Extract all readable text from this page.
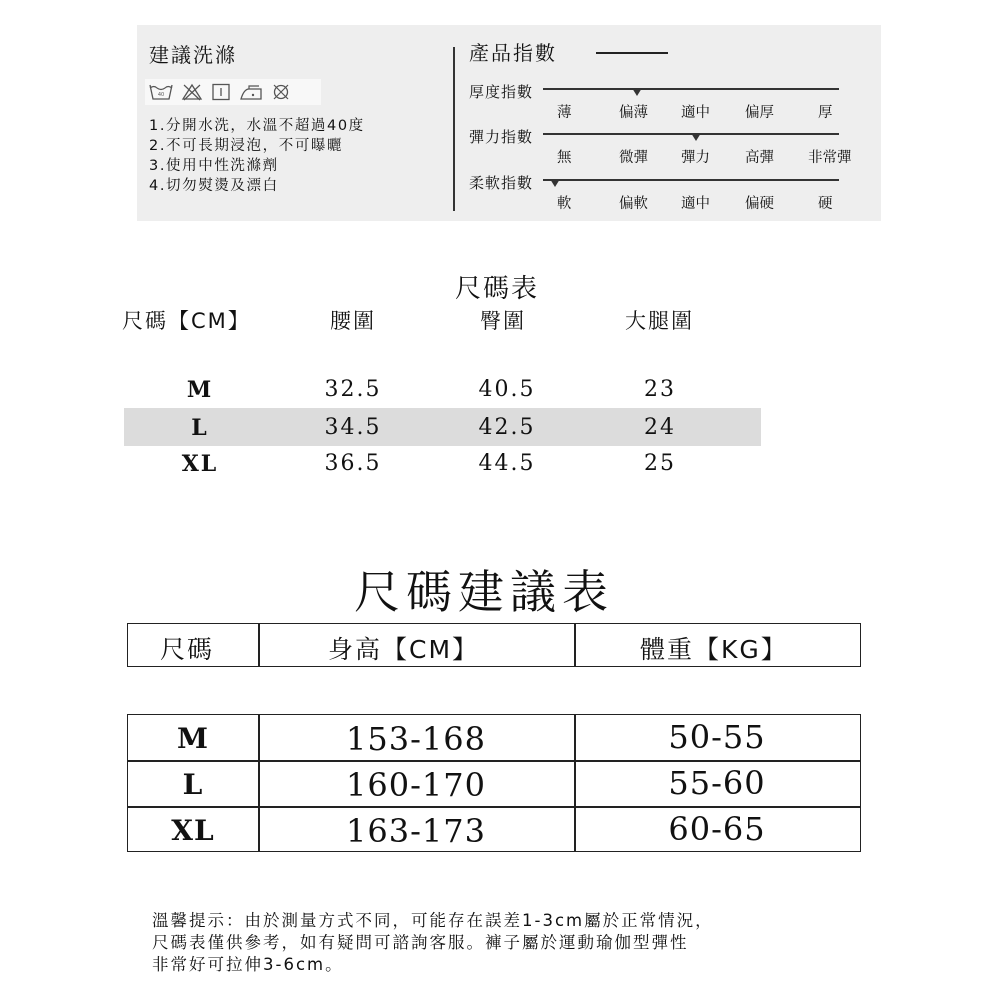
建議洗滌
40
1.分開水洗，水溫不超過40度
2.不可長期浸泡，不可曝曬
3.使用中性洗滌劑
4.切勿熨燙及漂白
產品指數
厚度指數
薄	偏薄 適中 偏厚	厚
彈力指數
無	微彈 彈力 高彈 非常彈
柔軟指數
軟	偏軟 適中 偏硬	硬
尺碼表
尺碼【CM】	腰圍	臀圍	大腿圍
M	32.5	40.5	23
L	34.5	42.5	24
XL	36.5	44.5	25
尺碼建議表
尺碼	身高【CM】	體重【KG】
M	153-168	50-55
L	160-170	55-60
XL	163-173	60-65
溫馨提示：由於測量方式不同，可能存在誤差1-3cm屬於正常情況，
尺碼表僅供參考，如有疑問可諮詢客服。褲子屬於運動瑜伽型彈性
非常好可拉伸3-6cm。
